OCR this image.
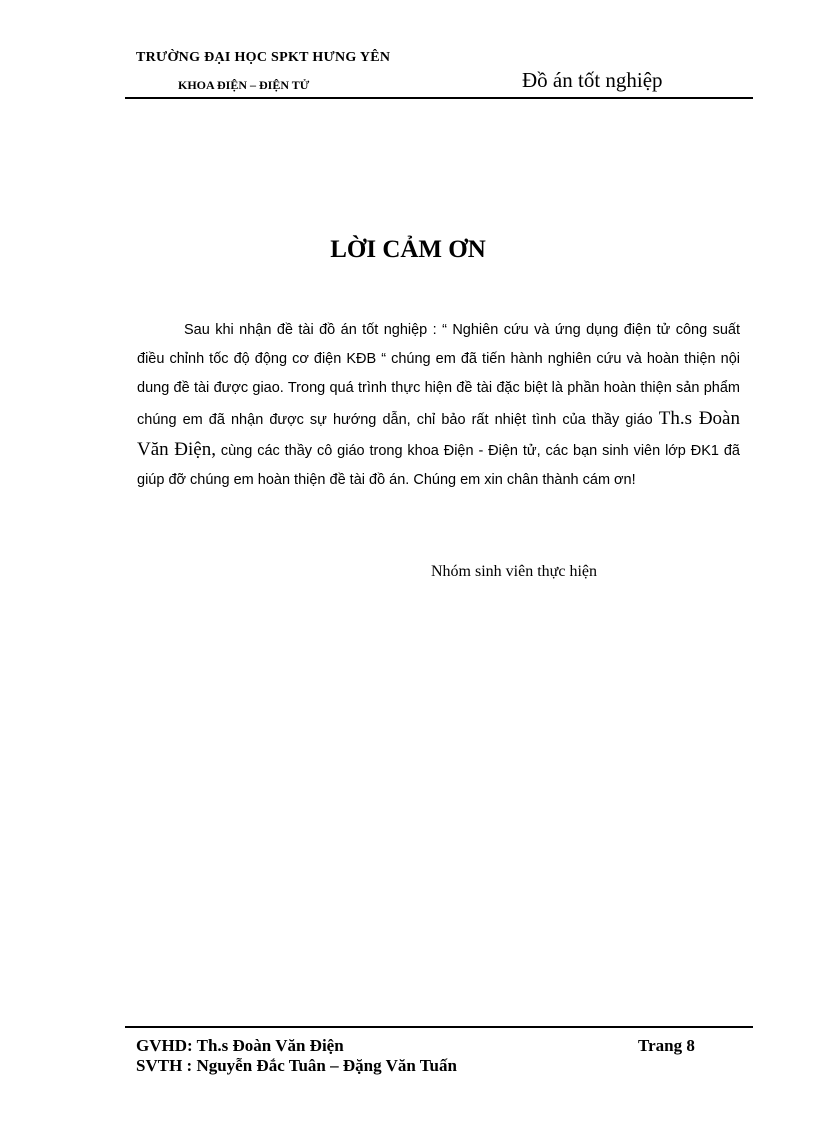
TRƯỜNG ĐẠI HỌC SPKT HƯNG YÊN
KHOA ĐIỆN – ĐIỆN TỬ	Đồ án tốt nghiệp
LỜI CẢM ƠN

Sau khi nhận đề tài đồ án tốt nghiệp : “ Nghiên cứu và ứng dụng điện tử công suất điều chỉnh tốc độ động cơ điện KĐB “ chúng em đã tiến hành nghiên cứu và hoàn thiện nội dung đề tài được giao. Trong quá trình thực hiện đề tài đặc biệt là phần hoàn thiện sản phẩm chúng em đã nhận được sự hướng dẫn, chỉ bảo rất nhiệt tình của thầy giáo Th.s Đoàn Văn Điện, cùng các thầy cô giáo trong khoa Điện - Điện tử, các bạn sinh viên lớp ĐK1 đã giúp đỡ chúng em hoàn thiện đề tài đồ án. Chúng em xin chân thành cám ơn!

Nhóm sinh viên thực hiện
GVHD: Th.s Đoàn Văn Điện	Trang 8
SVTH : Nguyễn Đắc Tuân – Đặng Văn Tuấn
